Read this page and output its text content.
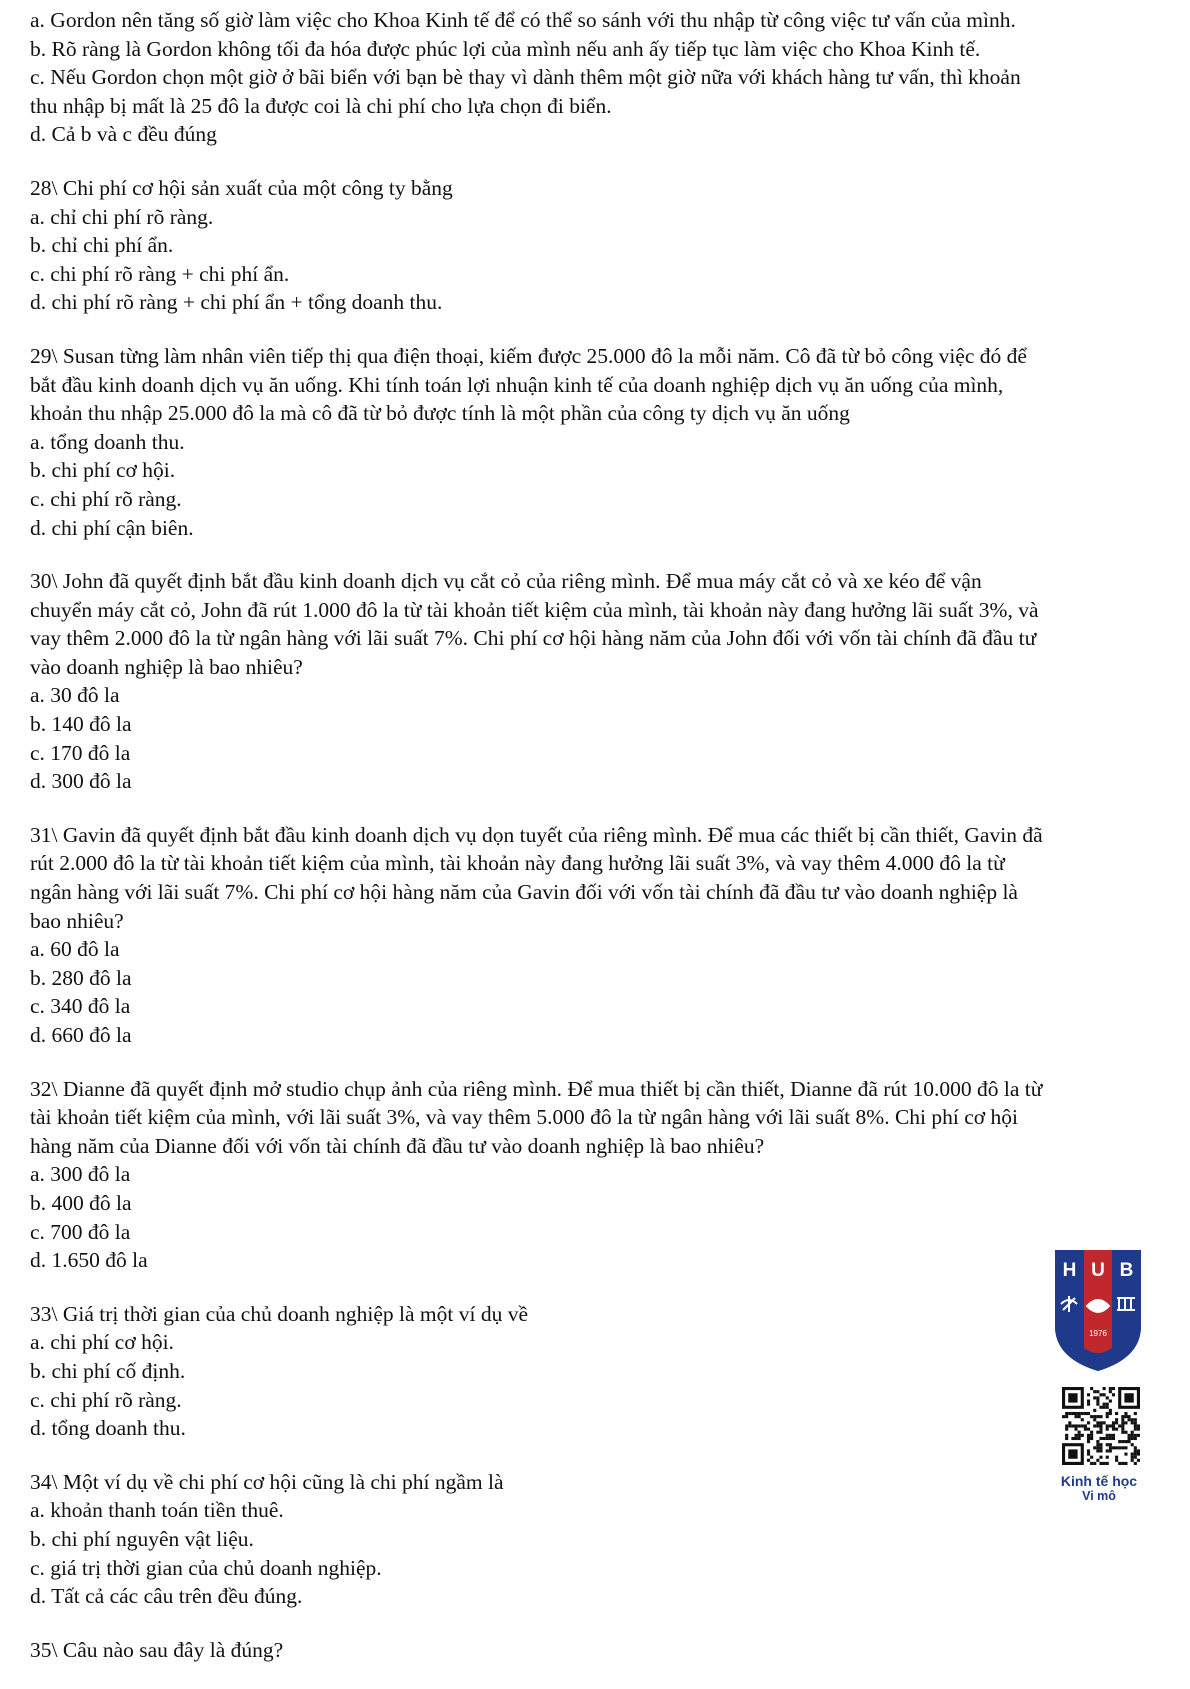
a. Gordon nên tăng số giờ làm việc cho Khoa Kinh tế để có thể so sánh với thu nhập từ công việc tư vấn của mình.
b. Rõ ràng là Gordon không tối đa hóa được phúc lợi của mình nếu anh ấy tiếp tục làm việc cho Khoa Kinh tế.
c. Nếu Gordon chọn một giờ ở bãi biển với bạn bè thay vì dành thêm một giờ nữa với khách hàng tư vấn, thì khoản
thu nhập bị mất là 25 đô la được coi là chi phí cho lựa chọn đi biển.
d. Cả b và c đều đúng
28\ Chi phí cơ hội sản xuất của một công ty bằng
a. chỉ chi phí rõ ràng.
b. chỉ chi phí ẩn.
c. chi phí rõ ràng + chi phí ẩn.
d. chi phí rõ ràng + chi phí ẩn + tổng doanh thu.
29\ Susan từng làm nhân viên tiếp thị qua điện thoại, kiếm được 25.000 đô la mỗi năm. Cô đã từ bỏ công việc đó để
bắt đầu kinh doanh dịch vụ ăn uống. Khi tính toán lợi nhuận kinh tế của doanh nghiệp dịch vụ ăn uống của mình,
khoản thu nhập 25.000 đô la mà cô đã từ bỏ được tính là một phần của công ty dịch vụ ăn uống
a. tổng doanh thu.
b. chi phí cơ hội.
c. chi phí rõ ràng.
d. chi phí cận biên.
30\ John đã quyết định bắt đầu kinh doanh dịch vụ cắt cỏ của riêng mình. Để mua máy cắt cỏ và xe kéo để vận
chuyển máy cắt cỏ, John đã rút 1.000 đô la từ tài khoản tiết kiệm của mình, tài khoản này đang hưởng lãi suất 3%, và
vay thêm 2.000 đô la từ ngân hàng với lãi suất 7%. Chi phí cơ hội hàng năm của John đối với vốn tài chính đã đầu tư
vào doanh nghiệp là bao nhiêu?
a. 30 đô la
b. 140 đô la
c. 170 đô la
d. 300 đô la
31\ Gavin đã quyết định bắt đầu kinh doanh dịch vụ dọn tuyết của riêng mình. Để mua các thiết bị cần thiết, Gavin đã
rút 2.000 đô la từ tài khoản tiết kiệm của mình, tài khoản này đang hưởng lãi suất 3%, và vay thêm 4.000 đô la từ
ngân hàng với lãi suất 7%. Chi phí cơ hội hàng năm của Gavin đối với vốn tài chính đã đầu tư vào doanh nghiệp là
bao nhiêu?
a. 60 đô la
b. 280 đô la
c. 340 đô la
d. 660 đô la
32\ Dianne đã quyết định mở studio chụp ảnh của riêng mình. Để mua thiết bị cần thiết, Dianne đã rút 10.000 đô la từ
tài khoản tiết kiệm của mình, với lãi suất 3%, và vay thêm 5.000 đô la từ ngân hàng với lãi suất 8%. Chi phí cơ hội
hàng năm của Dianne đối với vốn tài chính đã đầu tư vào doanh nghiệp là bao nhiêu?
a. 300 đô la
b. 400 đô la
c. 700 đô la
d. 1.650 đô la
33\ Giá trị thời gian của chủ doanh nghiệp là một ví dụ về
a. chi phí cơ hội.
b. chi phí cố định.
c. chi phí rõ ràng.
d. tổng doanh thu.
34\ Một ví dụ về chi phí cơ hội cũng là chi phí ngầm là
a. khoản thanh toán tiền thuê.
b. chi phí nguyên vật liệu.
c. giá trị thời gian của chủ doanh nghiệp.
d. Tất cả các câu trên đều đúng.
35\ Câu nào sau đây là đúng?
H U B
1976
Kinh tế học
Vi mô
